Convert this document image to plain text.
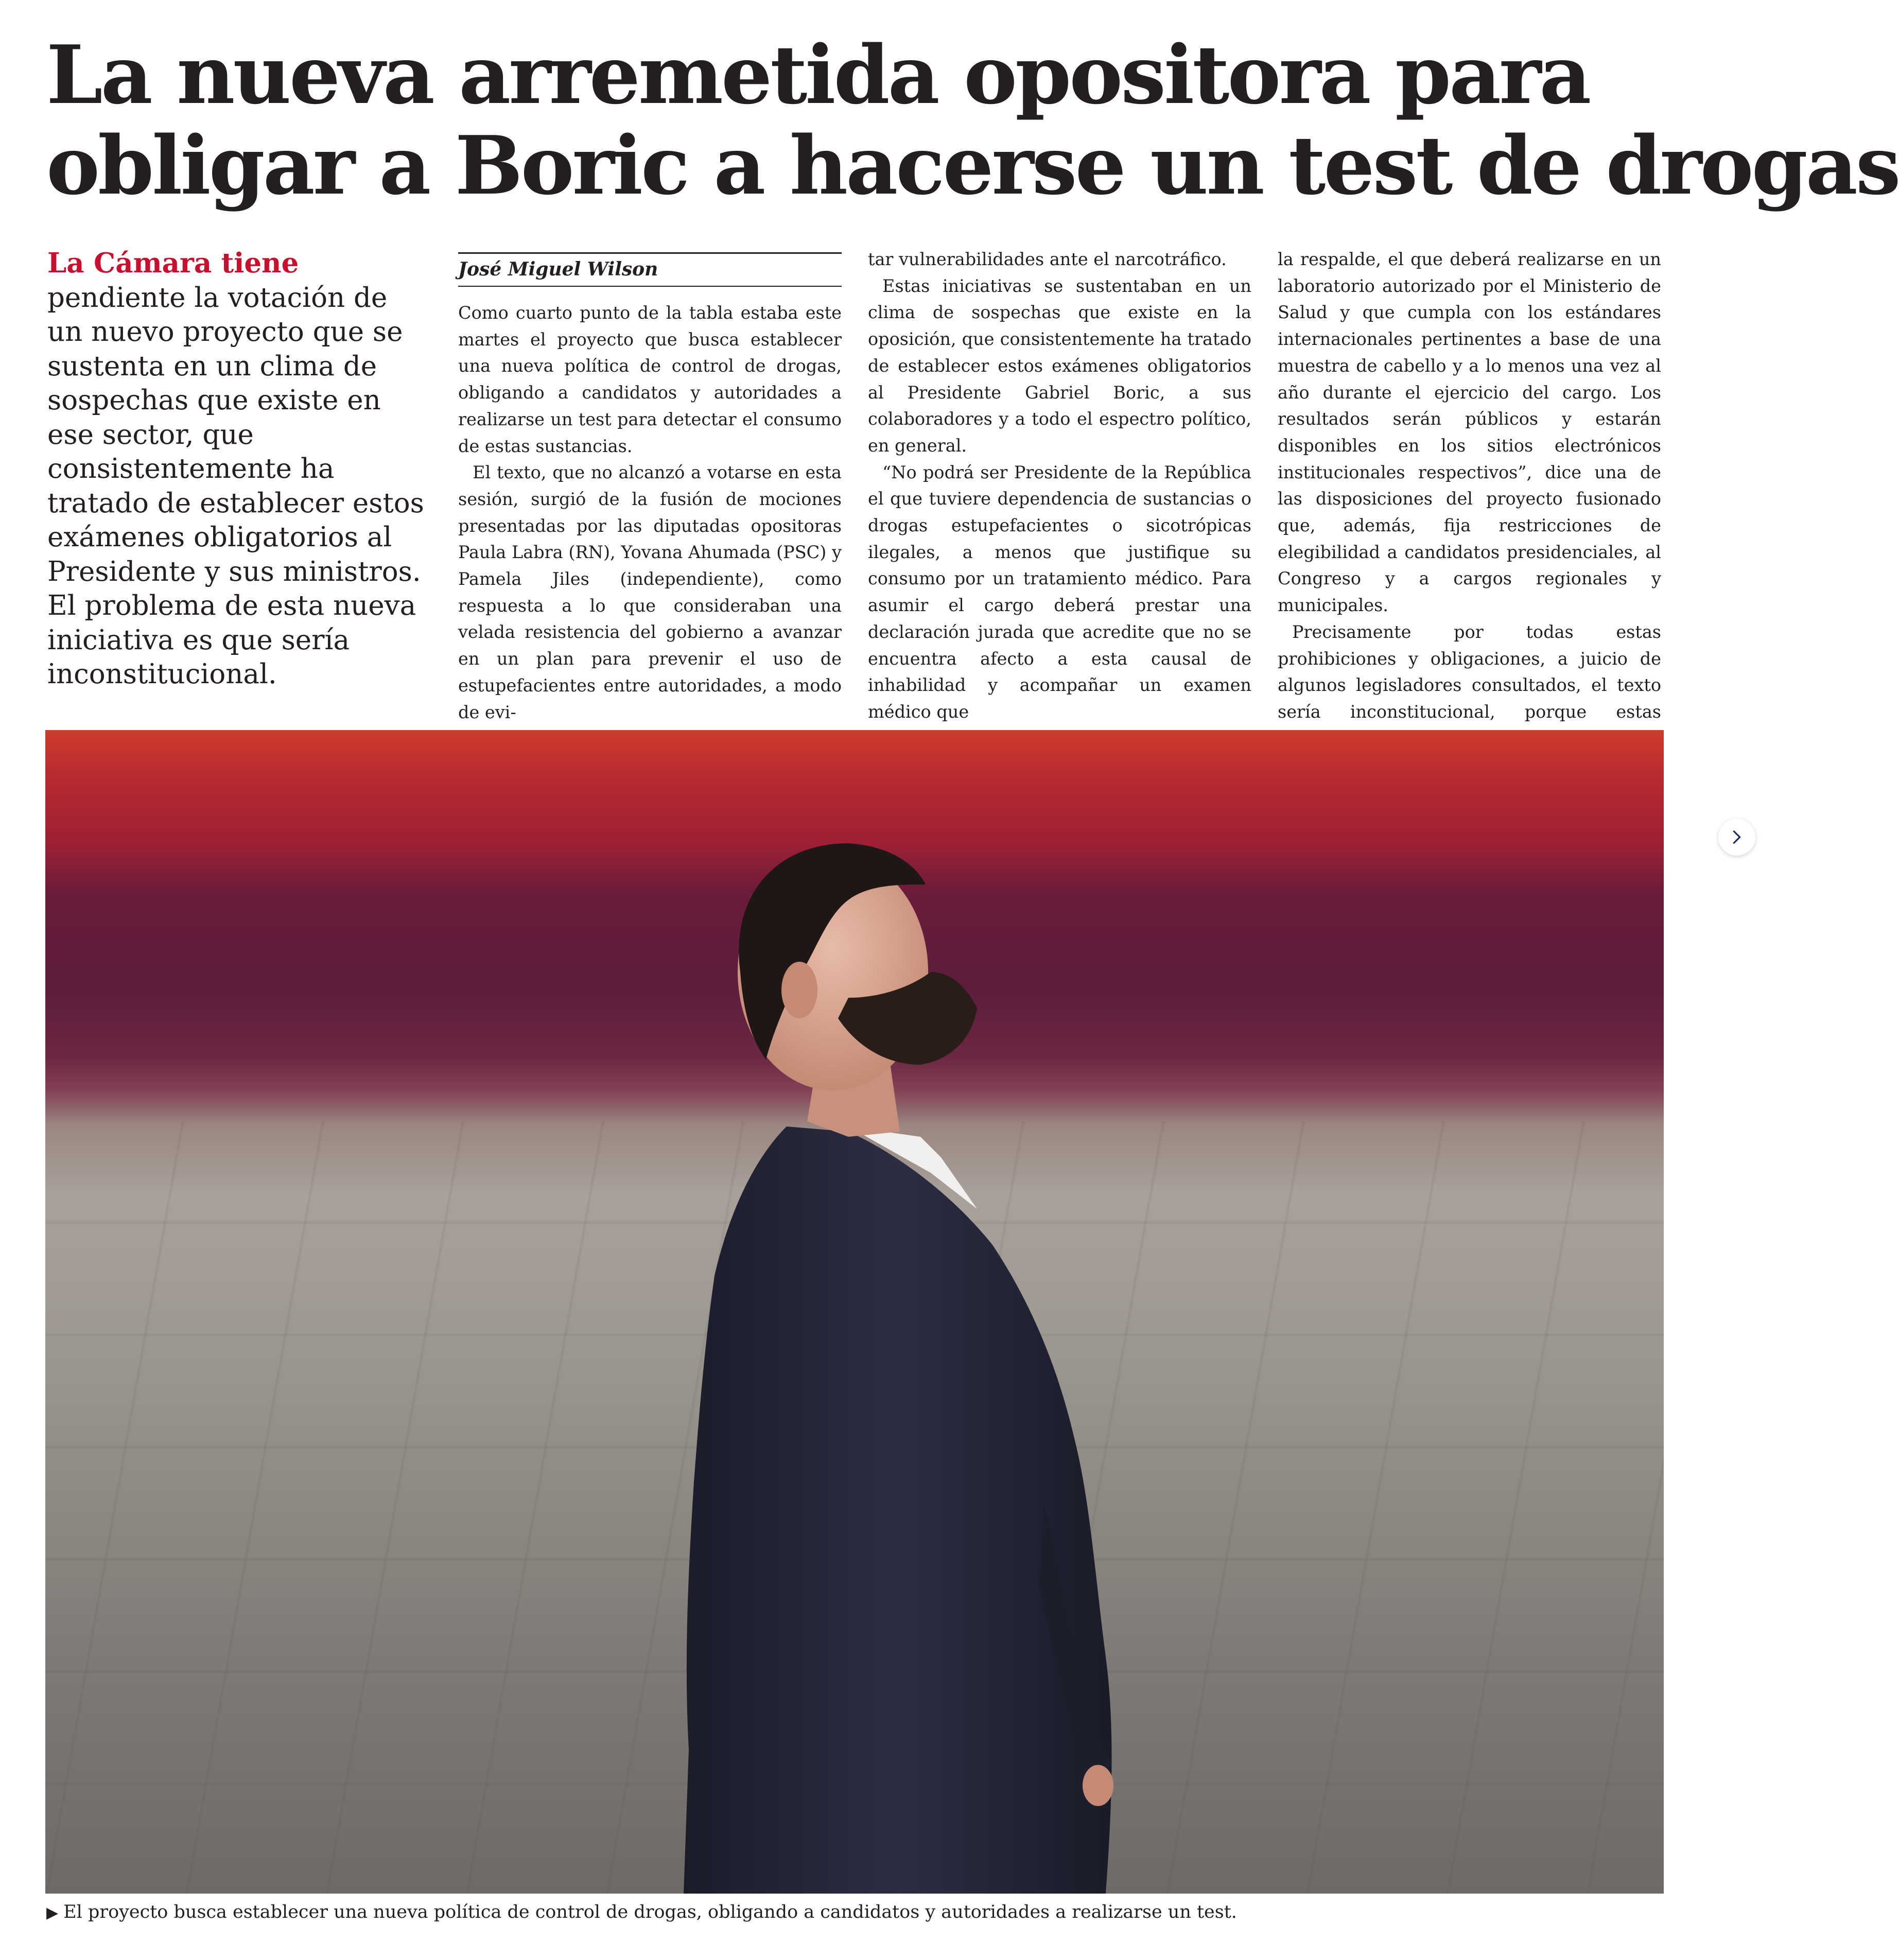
La nueva arremetida opositora para
obligar a Boric a hacerse un test de drogas

La Cámara tiene pendiente la votación de un nuevo proyecto que se sustenta en un clima de sospechas que existe en ese sector, que consistentemente ha tratado de establecer estos exámenes obligatorios al Presidente y sus ministros. El problema de esta nueva iniciativa es que sería inconstitucional.

José Miguel Wilson

Como cuarto punto de la tabla estaba este martes el proyecto que busca establecer una nueva política de control de drogas, obligando a candidatos y autoridades a realizarse un test para detectar el consumo de estas sustancias.

El texto, que no alcanzó a votarse en esta sesión, surgió de la fusión de mociones presentadas por las diputadas opositoras Paula Labra (RN), Yovana Ahumada (PSC) y Pamela Jiles (independiente), como respuesta a lo que consideraban una velada resistencia del gobierno a avanzar en un plan para prevenir el uso de estupefacientes entre autoridades, a modo de evi-

tar vulnerabilidades ante el narcotráfico.

Estas iniciativas se sustentaban en un clima de sospechas que existe en la oposición, que consistentemente ha tratado de establecer estos exámenes obligatorios al Presidente Gabriel Boric, a sus colaboradores y a todo el espectro político, en general.

“No podrá ser Presidente de la República el que tuviere dependencia de sustancias o drogas estupefacientes o sicotrópicas ilegales, a menos que justifique su consumo por un tratamiento médico. Para asumir el cargo deberá prestar una declaración jurada que acredite que no se encuentra afecto a esta causal de inhabilidad y acompañar un examen médico que

la respalde, el que deberá realizarse en un laboratorio autorizado por el Ministerio de Salud y que cumpla con los estándares internacionales pertinentes a base de una muestra de cabello y a lo menos una vez al año durante el ejercicio del cargo. Los resultados serán públicos y estarán disponibles en los sitios electrónicos institucionales respectivos”, dice una de las disposiciones del proyecto fusionado que, además, fija restricciones de elegibilidad a candidatos presidenciales, al Congreso y a cargos regionales y municipales.

Precisamente por todas estas prohibiciones y obligaciones, a juicio de algunos legisladores consultados, el texto sería inconstitucional, porque estas

▶ El proyecto busca establecer una nueva política de control de drogas, obligando a candidatos y autoridades a realizarse un test.
